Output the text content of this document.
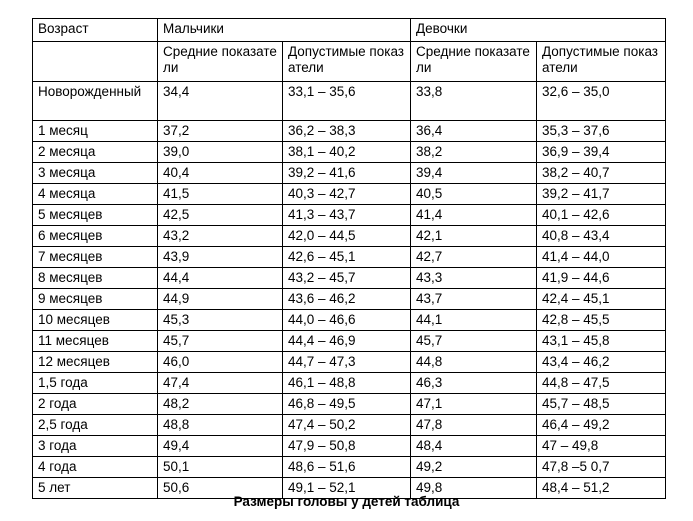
Возраст	Мальчики		Девочки	
	Средние показатели	Допустимые показатели	Средние показатели	Допустимые показатели
Новорожденный	34,4	33,1 – 35,6	33,8	32,6 – 35,0
1 месяц	37,2	36,2 – 38,3	36,4	35,3 – 37,6
2 месяца	39,0	38,1 – 40,2	38,2	36,9 – 39,4
3 месяца	40,4	39,2 – 41,6	39,4	38,2 – 40,7
4 месяца	41,5	40,3 – 42,7	40,5	39,2 – 41,7
5 месяцев	42,5	41,3 – 43,7	41,4	40,1 – 42,6
6 месяцев	43,2	42,0 – 44,5	42,1	40,8 – 43,4
7 месяцев	43,9	42,6 – 45,1	42,7	41,4 – 44,0
8 месяцев	44,4	43,2 – 45,7	43,3	41,9 – 44,6
9 месяцев	44,9	43,6 – 46,2	43,7	42,4 – 45,1
10 месяцев	45,3	44,0 – 46,6	44,1	42,8 – 45,5
11 месяцев	45,7	44,4 – 46,9	45,7	43,1 – 45,8
12 месяцев	46,0	44,7 – 47,3	44,8	43,4 – 46,2
1,5 года	47,4	46,1 – 48,8	46,3	44,8 – 47,5
2 года	48,2	46,8 – 49,5	47,1	45,7 – 48,5
2,5 года	48,8	47,4 – 50,2	47,8	46,4 – 49,2
3 года	49,4	47,9 – 50,8	48,4	47 – 49,8
4 года	50,1	48,6 – 51,6	49,2	47,8 –5 0,7
5 лет	50,6	49,1 – 52,1	49,8	48,4 – 51,2
Размеры головы у детей таблица
